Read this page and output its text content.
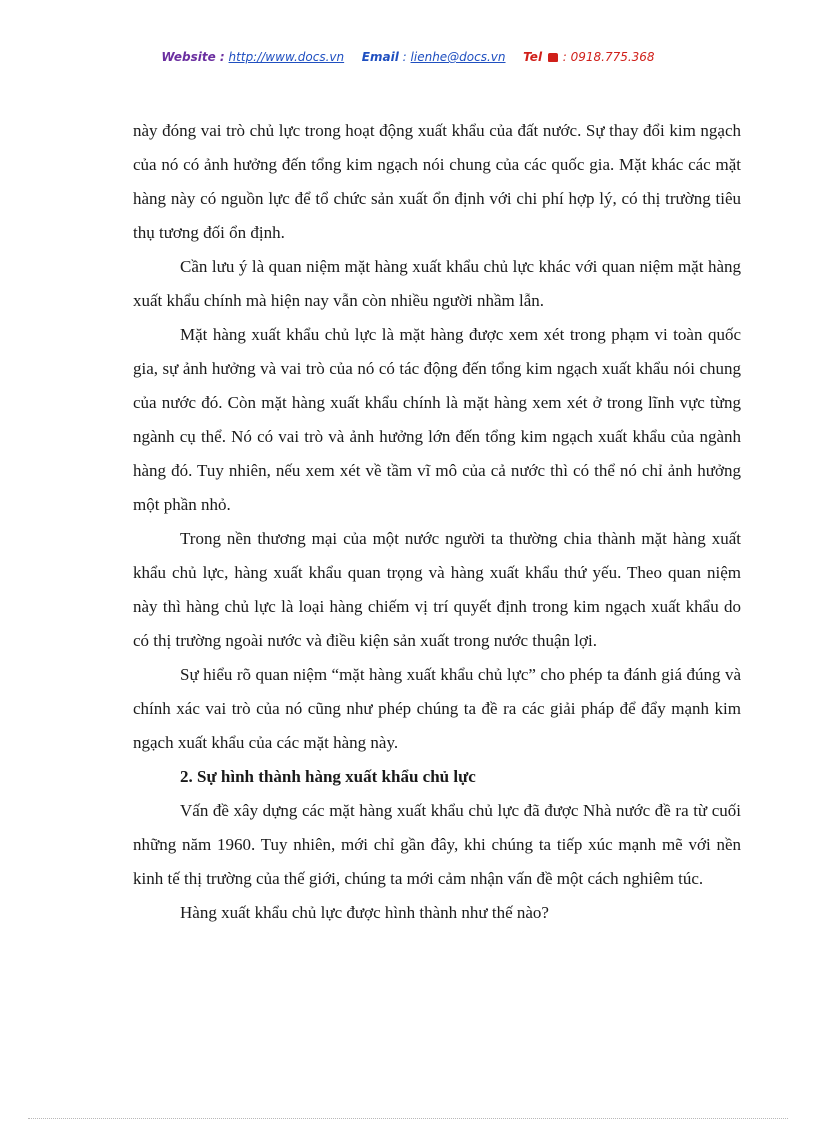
Website : http://www.docs.vn Email : lienhe@docs.vn Tel : 0918.775.368

này đóng vai trò chủ lực trong hoạt động xuất khẩu của đất nước. Sự thay đổi kim ngạch của nó có ảnh hưởng đến tổng kim ngạch nói chung của các quốc gia. Mặt khác các mặt hàng này có nguồn lực để tổ chức sản xuất ổn định với chi phí hợp lý, có thị trường tiêu thụ tương đối ổn định.

Cần lưu ý là quan niệm mặt hàng xuất khẩu chủ lực khác với quan niệm mặt hàng xuất khẩu chính mà hiện nay vẫn còn nhiều người nhầm lẫn.

Mặt hàng xuất khẩu chủ lực là mặt hàng được xem xét trong phạm vi toàn quốc gia, sự ảnh hưởng và vai trò của nó có tác động đến tổng kim ngạch xuất khẩu nói chung của nước đó. Còn mặt hàng xuất khẩu chính là mặt hàng xem xét ở trong lĩnh vực từng ngành cụ thể. Nó có vai trò và ảnh hưởng lớn đến tổng kim ngạch xuất khẩu của ngành hàng đó. Tuy nhiên, nếu xem xét về tầm vĩ mô của cả nước thì có thể nó chỉ ảnh hưởng một phần nhỏ.

Trong nền thương mại của một nước người ta thường chia thành mặt hàng xuất khẩu chủ lực, hàng xuất khẩu quan trọng và hàng xuất khẩu thứ yếu. Theo quan niệm này thì hàng chủ lực là loại hàng chiếm vị trí quyết định trong kim ngạch xuất khẩu do có thị trường ngoài nước và điều kiện sản xuất trong nước thuận lợi.

Sự hiểu rõ quan niệm “mặt hàng xuất khẩu chủ lực” cho phép ta đánh giá đúng và chính xác vai trò của nó cũng như phép chúng ta đề ra các giải pháp để đẩy mạnh kim ngạch xuất khẩu của các mặt hàng này.

2. Sự hình thành hàng xuất khẩu chủ lực

Vấn đề xây dựng các mặt hàng xuất khẩu chủ lực đã được Nhà nước đề ra từ cuối những năm 1960. Tuy nhiên, mới chỉ gần đây, khi chúng ta tiếp xúc mạnh mẽ với nền kinh tế thị trường của thế giới, chúng ta mới cảm nhận vấn đề một cách nghiêm túc.

Hàng xuất khẩu chủ lực được hình thành như thế nào?
